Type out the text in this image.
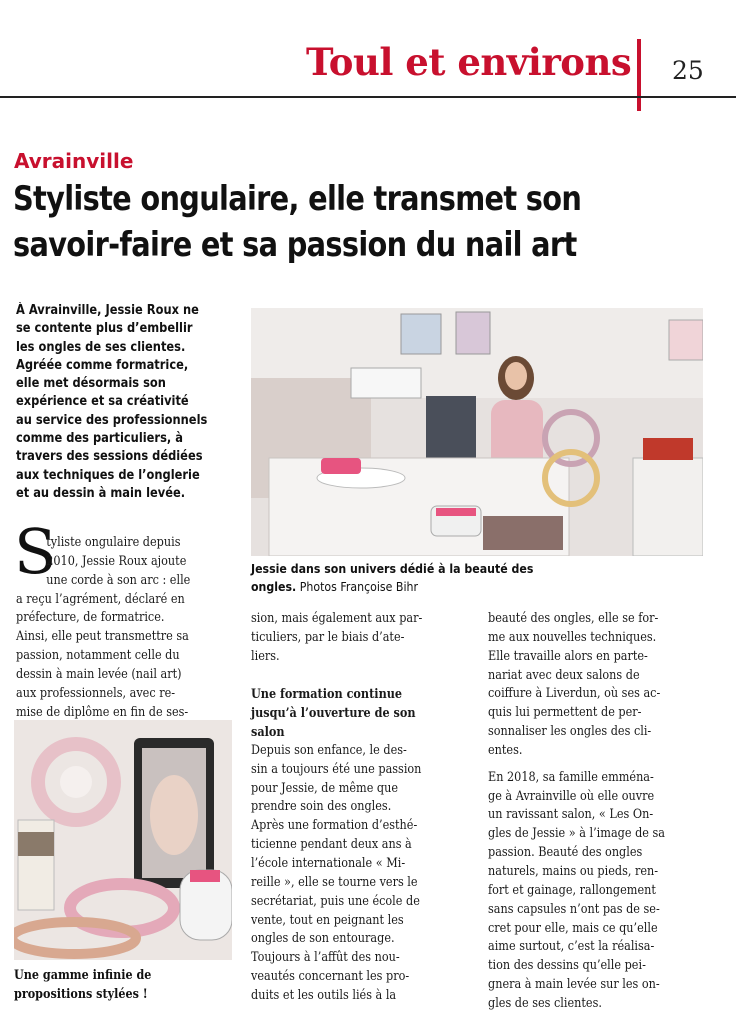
Toul et environs 25
Avrainville
Styliste ongulaire, elle transmet son
savoir-faire et sa passion du nail art
À Avrainville, Jessie Roux ne
se contente plus d’embellir
les ongles de ses clientes.
Agréée comme formatrice,
elle met désormais son
expérience et sa créativité
au service des professionnels
comme des particuliers, à
travers des sessions dédiées
aux techniques de l’onglerie
et au dessin à main levée.
Jessie dans son univers dédié à la beauté des
ongles. Photos Françoise Bihr
S
tyliste ongulaire depuis
2010, Jessie Roux ajoute
une corde à son arc : elle
a reçu l’agrément, déclaré en
préfecture, de formatrice.
Ainsi, elle peut transmettre sa
passion, notamment celle du
dessin à main levée (nail art)
aux professionnels, avec re-
mise de diplôme en fin de ses-
Une gamme infinie de
propositions stylées !
sion, mais également aux par-
ticuliers, par le biais d’ate-
liers.
Une formation continue
jusqu’à l’ouverture de son
salon
Depuis son enfance, le des-
sin a toujours été une passion
pour Jessie, de même que
prendre soin des ongles.
Après une formation d’esthé-
ticienne pendant deux ans à
l’école internationale « Mi-
reille », elle se tourne vers le
secrétariat, puis une école de
vente, tout en peignant les
ongles de son entourage.
Toujours à l’affût des nou-
veautés concernant les pro-
duits et les outils liés à la
beauté des ongles, elle se for-
me aux nouvelles techniques.
Elle travaille alors en parte-
nariat avec deux salons de
coiffure à Liverdun, où ses ac-
quis lui permettent de per-
sonnaliser les ongles des cli-
entes.
En 2018, sa famille emména-
ge à Avrainville où elle ouvre
un ravissant salon, « Les On-
gles de Jessie » à l’image de sa
passion. Beauté des ongles
naturels, mains ou pieds, ren-
fort et gainage, rallongement
sans capsules n’ont pas de se-
cret pour elle, mais ce qu’elle
aime surtout, c’est la réalisa-
tion des dessins qu’elle pei-
gnera à main levée sur les on-
gles de ses clientes.
